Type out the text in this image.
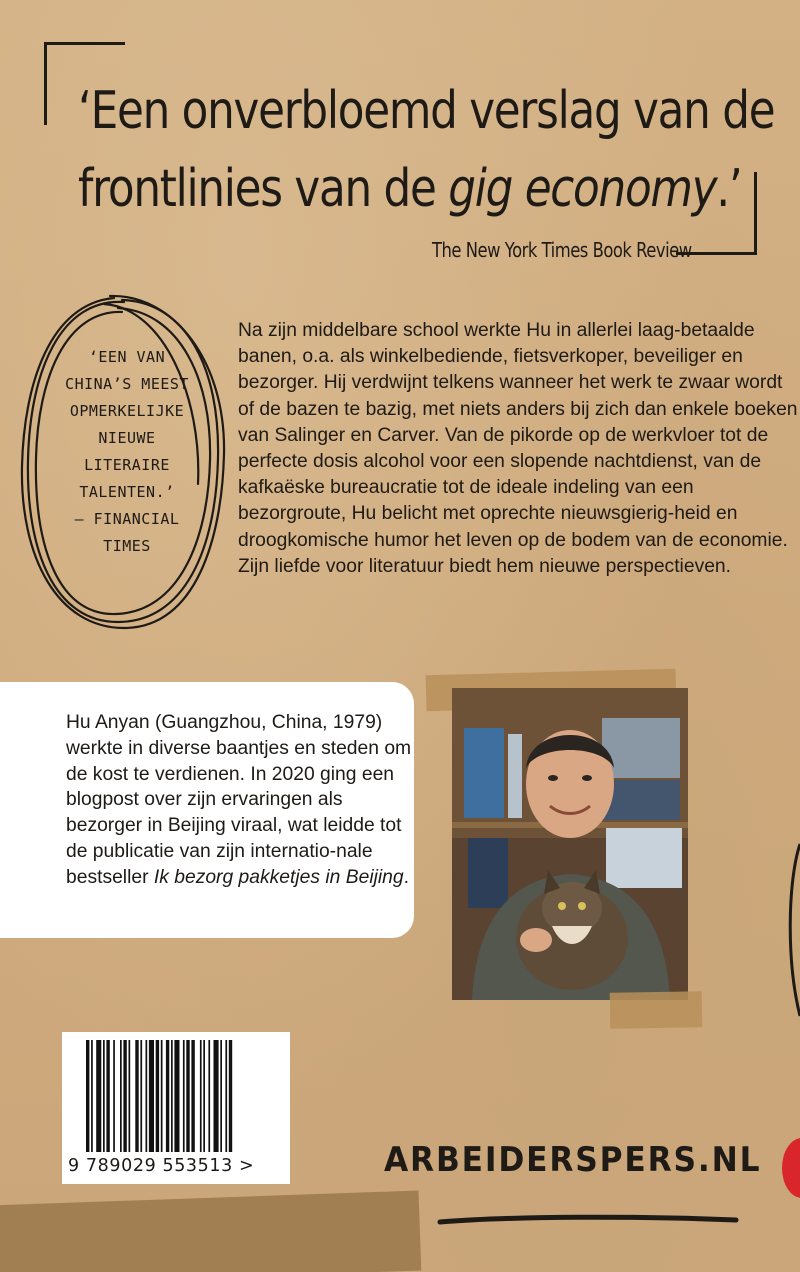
‘Een onverbloemd verslag van de
frontlinies van de gig economy.’
The New York Times Book Review
‘EEN VAN
CHINA’S MEEST
OPMERKELIJKE
NIEUWE
LITERAIRE
TALENTEN.’
– FINANCIAL
TIMES

Na zijn middelbare school werkte Hu in allerlei laag-betaalde banen, o.a. als winkelbediende, fietsverkoper, beveiliger en bezorger. Hij verdwijnt telkens wanneer het werk te zwaar wordt of de bazen te bazig, met niets anders bij zich dan enkele boeken van Salinger en Carver. Van de pikorde op de werkvloer tot de perfecte dosis alcohol voor een slopende nachtdienst, van de kafkaëske bureaucratie tot de ideale indeling van een bezorgroute, Hu belicht met oprechte nieuwsgierig-heid en droogkomische humor het leven op de bodem van de economie. Zijn liefde voor literatuur biedt hem nieuwe perspectieven.

Hu Anyan (Guangzhou, China, 1979) werkte in diverse baantjes en steden om de kost te verdienen. In 2020 ging een blogpost over zijn ervaringen als bezorger in Beijing viraal, wat leidde tot de publicatie van zijn internatio-nale bestseller Ik bezorg pakketjes in Beijing.

9 789029 553513 >	ARBEIDERSPERS.NL
